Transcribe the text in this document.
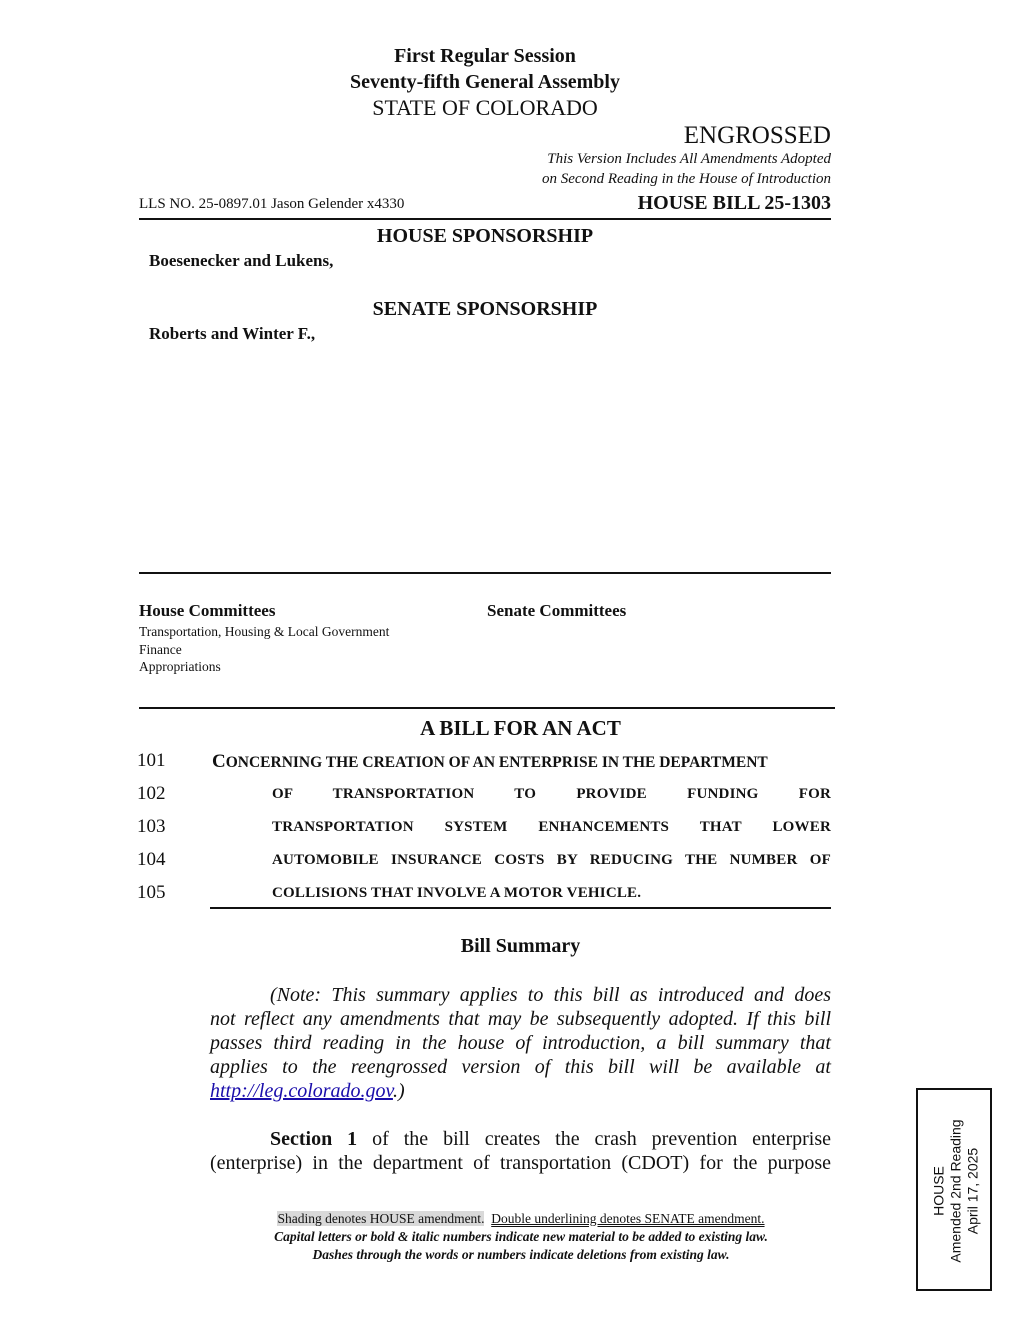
First Regular Session
Seventy-fifth General Assembly
STATE OF COLORADO
ENGROSSED
This Version Includes All Amendments Adopted
on Second Reading in the House of Introduction
LLS NO. 25-0897.01 Jason Gelender x4330	HOUSE BILL 25-1303
HOUSE SPONSORSHIP
Boesenecker and Lukens,
SENATE SPONSORSHIP
Roberts and Winter F.,
House Committees	Senate Committees
Transportation, Housing & Local Government
Finance
Appropriations
A BILL FOR AN ACT
101 CONCERNING THE CREATION OF AN ENTERPRISE IN THE DEPARTMENT
102	OF TRANSPORTATION TO PROVIDE FUNDING FOR
103	TRANSPORTATION SYSTEM ENHANCEMENTS THAT LOWER
104	AUTOMOBILE INSURANCE COSTS BY REDUCING THE NUMBER OF
105	COLLISIONS THAT INVOLVE A MOTOR VEHICLE.
Bill Summary
(Note: This summary applies to this bill as introduced and does
not reflect any amendments that may be subsequently adopted. If this bill
passes third reading in the house of introduction, a bill summary that
applies to the reengrossed version of this bill will be available at
http://leg.colorado.gov.)
Section 1 of the bill creates the crash prevention enterprise
(enterprise) in the department of transportation (CDOT) for the purpose
Shading denotes HOUSE amendment. Double underlining denotes SENATE amendment.
Capital letters or bold & italic numbers indicate new material to be added to existing law.
Dashes through the words or numbers indicate deletions from existing law.
HOUSE Amended 2nd Reading April 17, 2025
